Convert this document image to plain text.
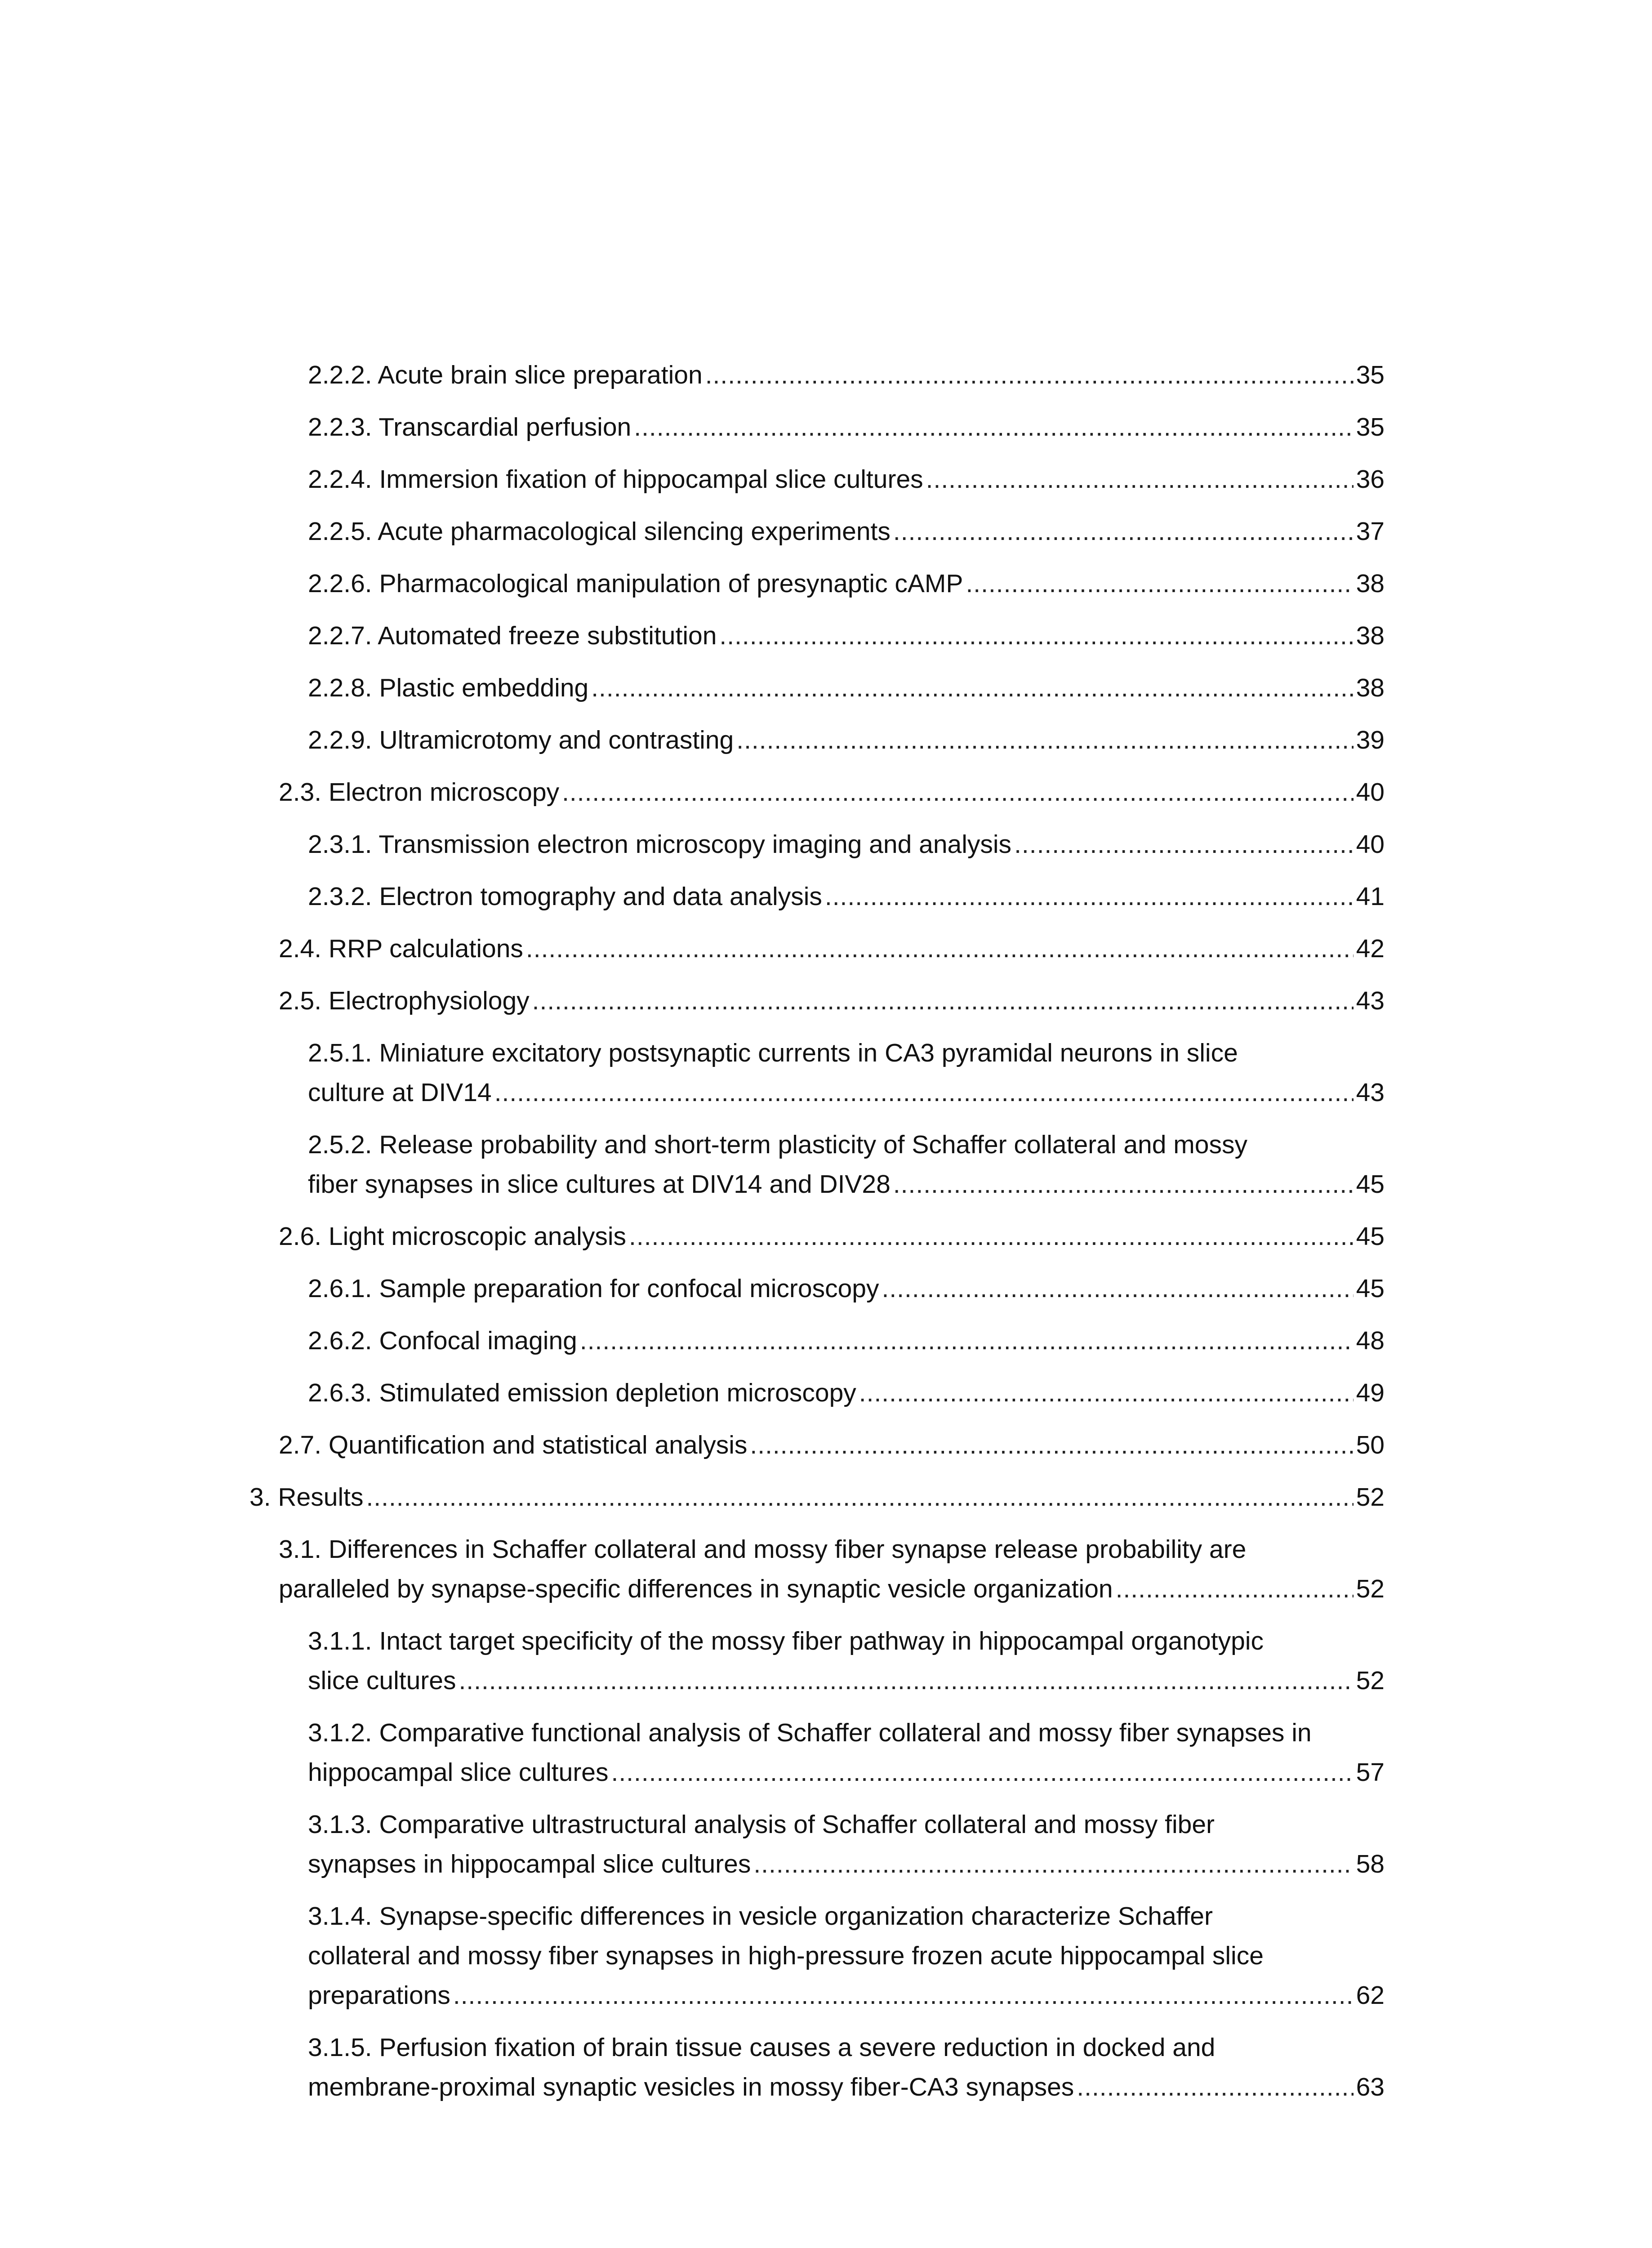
2.2.2. Acute brain slice preparation .....	35
2.2.3. Transcardial perfusion .....	35
2.2.4. Immersion fixation of hippocampal slice cultures .....	36
2.2.5. Acute pharmacological silencing experiments .....	37
2.2.6. Pharmacological manipulation of presynaptic cAMP .....	38
2.2.7. Automated freeze substitution .....	38
2.2.8. Plastic embedding .....	38
2.2.9. Ultramicrotomy and contrasting .....	39
2.3. Electron microscopy .....	40
2.3.1. Transmission electron microscopy imaging and analysis .....	40
2.3.2. Electron tomography and data analysis .....	41
2.4. RRP calculations .....	42
2.5. Electrophysiology .....	43
2.5.1. Miniature excitatory postsynaptic currents in CA3 pyramidal neurons in slice
culture at DIV14 .....	43
2.5.2. Release probability and short-term plasticity of Schaffer collateral and mossy
fiber synapses in slice cultures at DIV14 and DIV28 .....	45
2.6. Light microscopic analysis .....	45
2.6.1. Sample preparation for confocal microscopy .....	45
2.6.2. Confocal imaging .....	48
2.6.3. Stimulated emission depletion microscopy .....	49
2.7. Quantification and statistical analysis .....	50
3. Results .....	52
3.1. Differences in Schaffer collateral and mossy fiber synapse release probability are
paralleled by synapse-specific differences in synaptic vesicle organization .....	52
3.1.1. Intact target specificity of the mossy fiber pathway in hippocampal organotypic
slice cultures .....	52
3.1.2. Comparative functional analysis of Schaffer collateral and mossy fiber synapses in
hippocampal slice cultures .....	57
3.1.3. Comparative ultrastructural analysis of Schaffer collateral and mossy fiber
synapses in hippocampal slice cultures .....	58
3.1.4. Synapse-specific differences in vesicle organization characterize Schaffer
collateral and mossy fiber synapses in high-pressure frozen acute hippocampal slice
preparations .....	62
3.1.5. Perfusion fixation of brain tissue causes a severe reduction in docked and
membrane-proximal synaptic vesicles in mossy fiber-CA3 synapses .....	63
